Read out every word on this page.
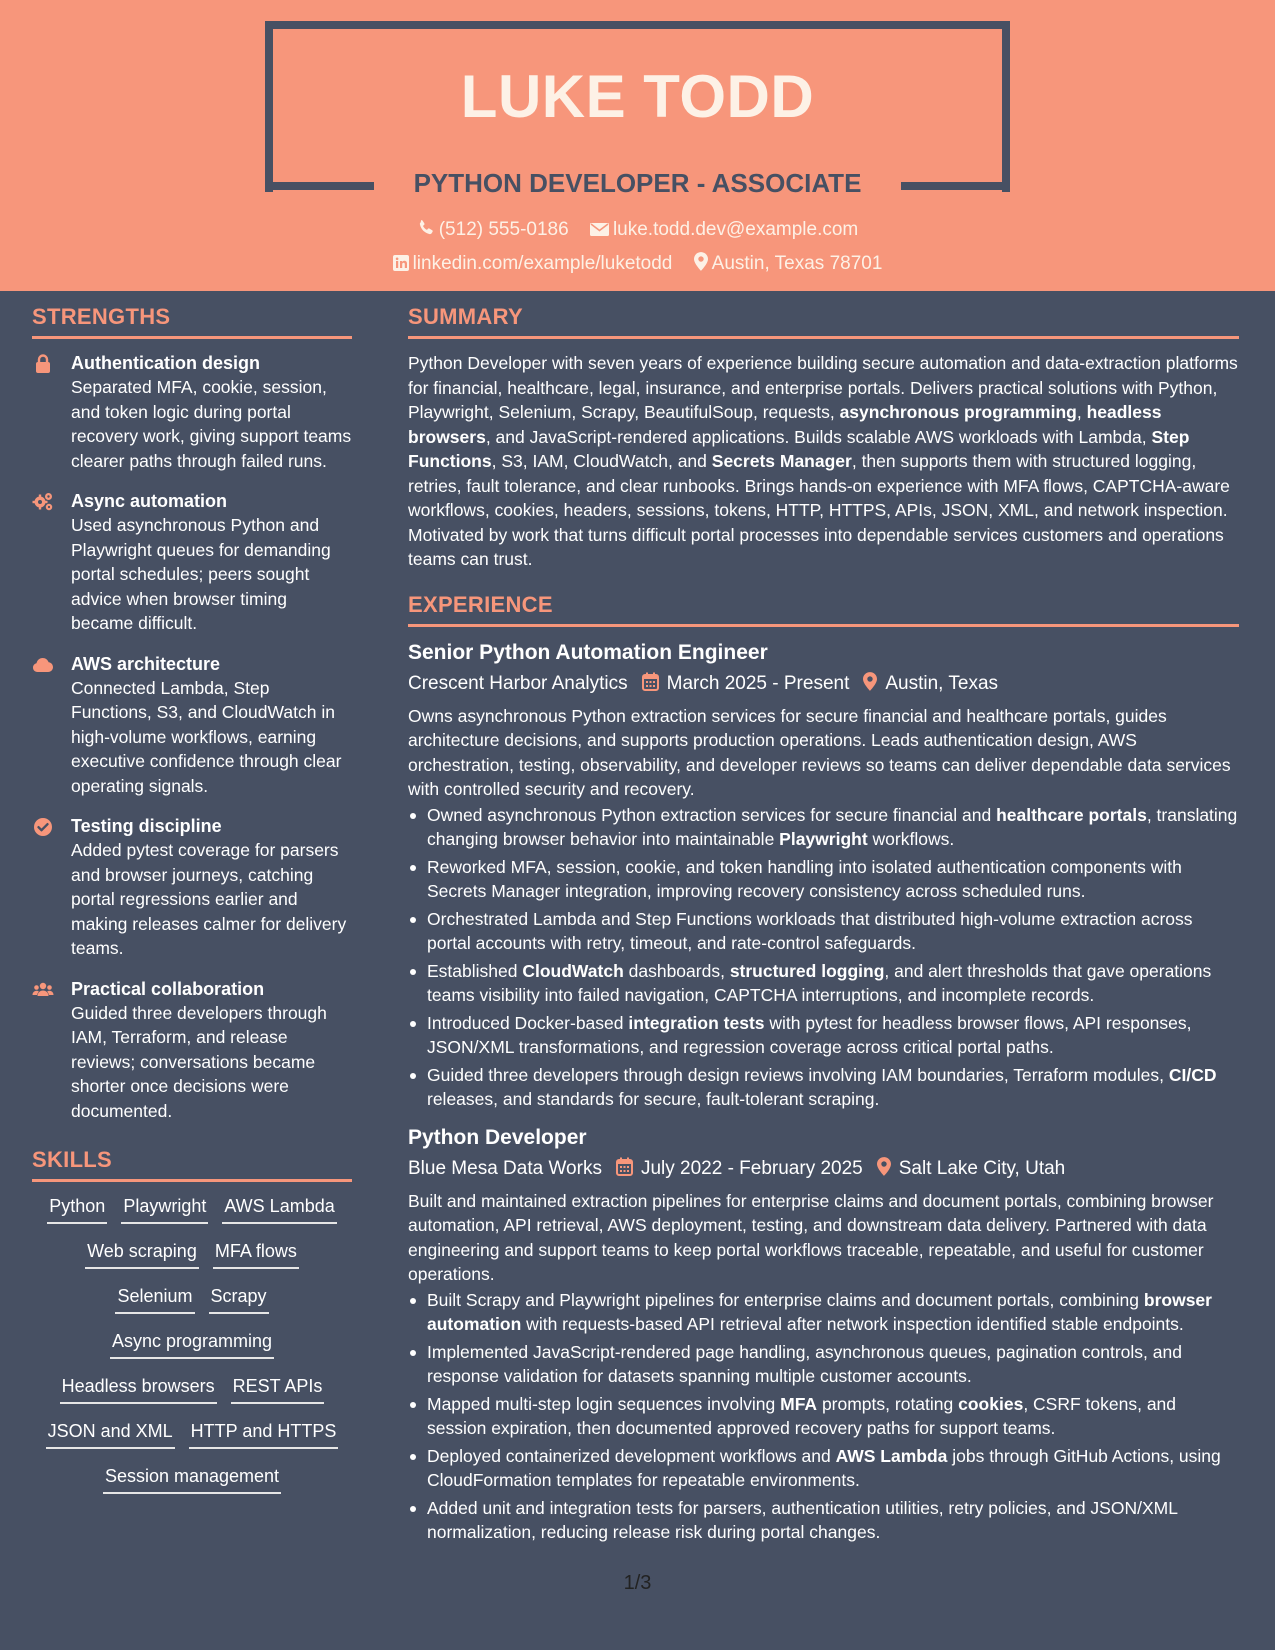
LUKE TODD
PYTHON DEVELOPER - ASSOCIATE
(512) 555-0186 luke.todd.dev@example.com
linkedin.com/example/luketodd Austin, Texas 78701
STRENGTHS
Authentication design
Separated MFA, cookie, session, and token logic during portal recovery work, giving support teams clearer paths through failed runs.
Async automation
Used asynchronous Python and Playwright queues for demanding portal schedules; peers sought advice when browser timing became difficult.
AWS architecture
Connected Lambda, Step Functions, S3, and CloudWatch in high-volume workflows, earning executive confidence through clear operating signals.
Testing discipline
Added pytest coverage for parsers and browser journeys, catching portal regressions earlier and making releases calmer for delivery teams.
Practical collaboration
Guided three developers through IAM, Terraform, and release reviews; conversations became shorter once decisions were documented.
SKILLS
Python Playwright AWS Lambda
Web scraping MFA flows
Selenium Scrapy
Async programming
Headless browsers REST APIs
JSON and XML HTTP and HTTPS
Session management
SUMMARY
Python Developer with seven years of experience building secure automation and data-extraction platforms for financial, healthcare, legal, insurance, and enterprise portals. Delivers practical solutions with Python, Playwright, Selenium, Scrapy, BeautifulSoup, requests, asynchronous programming, headless browsers, and JavaScript-rendered applications. Builds scalable AWS workloads with Lambda, Step Functions, S3, IAM, CloudWatch, and Secrets Manager, then supports them with structured logging, retries, fault tolerance, and clear runbooks. Brings hands-on experience with MFA flows, CAPTCHA-aware workflows, cookies, headers, sessions, tokens, HTTP, HTTPS, APIs, JSON, XML, and network inspection. Motivated by work that turns difficult portal processes into dependable services customers and operations teams can trust.
EXPERIENCE
Senior Python Automation Engineer
Crescent Harbor Analytics March 2025 - Present Austin, Texas
Owns asynchronous Python extraction services for secure financial and healthcare portals, guides architecture decisions, and supports production operations. Leads authentication design, AWS orchestration, testing, observability, and developer reviews so teams can deliver dependable data services with controlled security and recovery.
Owned asynchronous Python extraction services for secure financial and healthcare portals, translating changing browser behavior into maintainable Playwright workflows.
Reworked MFA, session, cookie, and token handling into isolated authentication components with Secrets Manager integration, improving recovery consistency across scheduled runs.
Orchestrated Lambda and Step Functions workloads that distributed high-volume extraction across portal accounts with retry, timeout, and rate-control safeguards.
Established CloudWatch dashboards, structured logging, and alert thresholds that gave operations teams visibility into failed navigation, CAPTCHA interruptions, and incomplete records.
Introduced Docker-based integration tests with pytest for headless browser flows, API responses, JSON/XML transformations, and regression coverage across critical portal paths.
Guided three developers through design reviews involving IAM boundaries, Terraform modules, CI/CD releases, and standards for secure, fault-tolerant scraping.
Python Developer
Blue Mesa Data Works July 2022 - February 2025 Salt Lake City, Utah
Built and maintained extraction pipelines for enterprise claims and document portals, combining browser automation, API retrieval, AWS deployment, testing, and downstream data delivery. Partnered with data engineering and support teams to keep portal workflows traceable, repeatable, and useful for customer operations.
Built Scrapy and Playwright pipelines for enterprise claims and document portals, combining browser automation with requests-based API retrieval after network inspection identified stable endpoints.
Implemented JavaScript-rendered page handling, asynchronous queues, pagination controls, and response validation for datasets spanning multiple customer accounts.
Mapped multi-step login sequences involving MFA prompts, rotating cookies, CSRF tokens, and session expiration, then documented approved recovery paths for support teams.
Deployed containerized development workflows and AWS Lambda jobs through GitHub Actions, using CloudFormation templates for repeatable environments.
Added unit and integration tests for parsers, authentication utilities, retry policies, and JSON/XML normalization, reducing release risk during portal changes.
1/3
